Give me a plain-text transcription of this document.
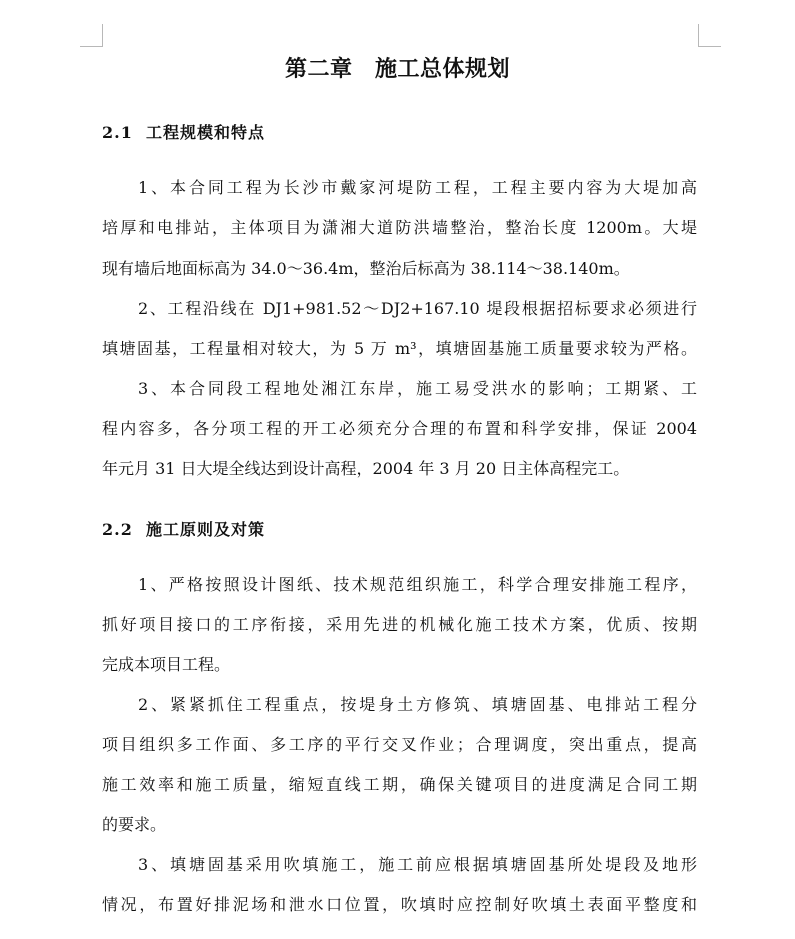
第二章　施工总体规划
2.1  工程规模和特点
1、本合同工程为长沙市戴家河堤防工程，工程主要内容为大堤加高
培厚和电排站，主体项目为潇湘大道防洪墙整治，整治长度 1200m。大堤
现有墙后地面标高为 34.0～36.4m，整治后标高为 38.114～38.140m。
2、工程沿线在 DJ1+981.52～DJ2+167.10 堤段根据招标要求必须进行
填塘固基，工程量相对较大，为 5 万 m³，填塘固基施工质量要求较为严格。
3、本合同段工程地处湘江东岸，施工易受洪水的影响；工期紧、工
程内容多，各分项工程的开工必须充分合理的布置和科学安排，保证 2004
年元月 31 日大堤全线达到设计高程，2004 年 3 月 20 日主体高程完工。
2.2  施工原则及对策
1、严格按照设计图纸、技术规范组织施工，科学合理安排施工程序，
抓好项目接口的工序衔接，采用先进的机械化施工技术方案，优质、按期
完成本项目工程。
2、紧紧抓住工程重点，按堤身土方修筑、填塘固基、电排站工程分
项目组织多工作面、多工序的平行交叉作业；合理调度，突出重点，提高
施工效率和施工质量，缩短直线工期，确保关键项目的进度满足合同工期
的要求。
3、填塘固基采用吹填施工，施工前应根据填塘固基所处堤段及地形
情况，布置好排泥场和泄水口位置，吹填时应控制好吹填土表面平整度和
